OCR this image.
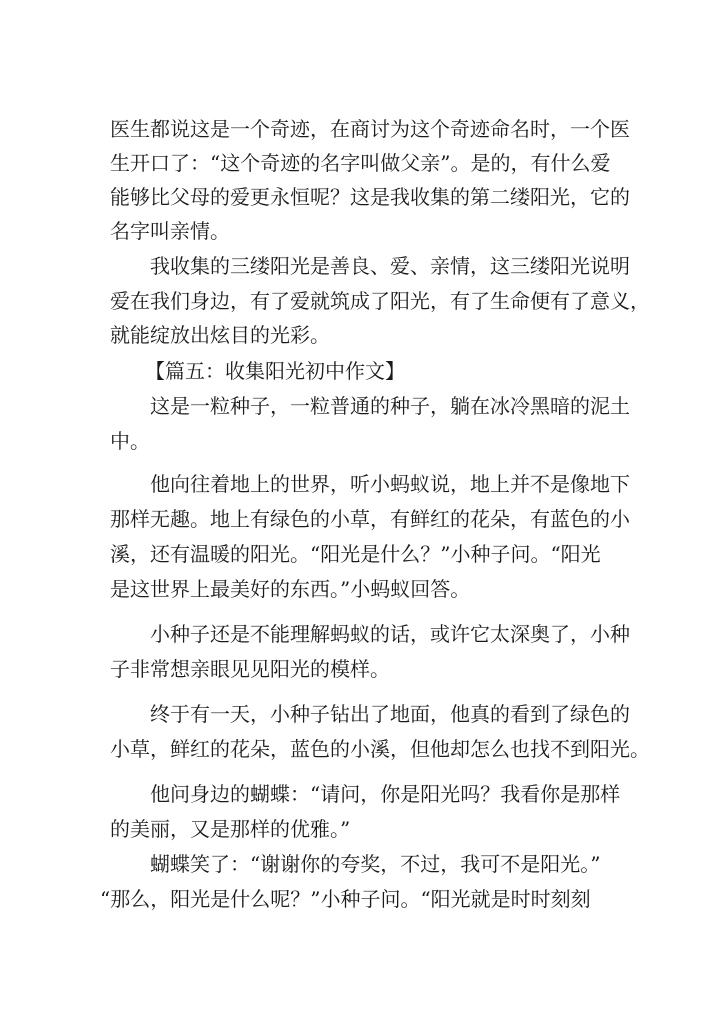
医生都说这是一个奇迹，在商讨为这个奇迹命名时，一个医
生开口了：“这个奇迹的名字叫做父亲”。是的，有什么爱
能够比父母的爱更永恒呢？这是我收集的第二缕阳光，它的
名字叫亲情。
我收集的三缕阳光是善良、爱、亲情，这三缕阳光说明
爱在我们身边，有了爱就筑成了阳光，有了生命便有了意义，
就能绽放出炫目的光彩。
【篇五：收集阳光初中作文】
这是一粒种子，一粒普通的种子，躺在冰冷黑暗的泥土
中。
他向往着地上的世界，听小蚂蚁说，地上并不是像地下
那样无趣。地上有绿色的小草，有鲜红的花朵，有蓝色的小
溪，还有温暖的阳光。“阳光是什么？”小种子问。“阳光
是这世界上最美好的东西。”小蚂蚁回答。
小种子还是不能理解蚂蚁的话，或许它太深奥了，小种
子非常想亲眼见见阳光的模样。
终于有一天，小种子钻出了地面，他真的看到了绿色的
小草，鲜红的花朵，蓝色的小溪，但他却怎么也找不到阳光。
他问身边的蝴蝶：“请问，你是阳光吗？我看你是那样
的美丽，又是那样的优雅。”
蝴蝶笑了：“谢谢你的夸奖，不过，我可不是阳光。”
“那么，阳光是什么呢？”小种子问。“阳光就是时时刻刻
